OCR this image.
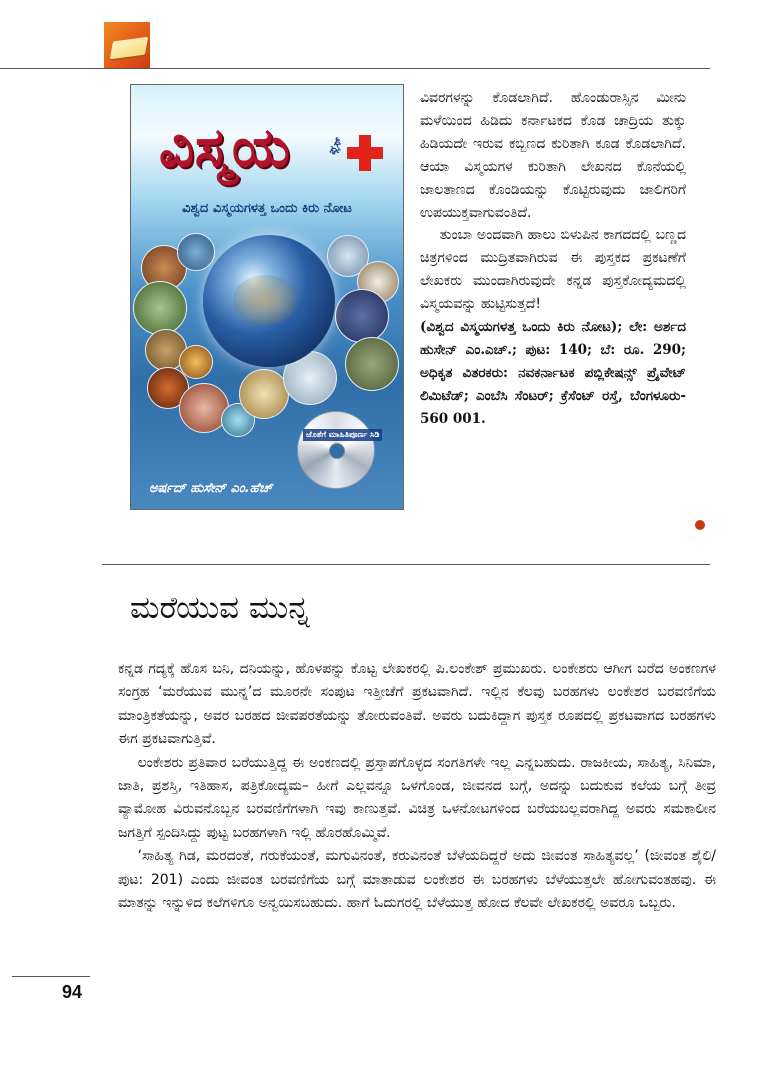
ವಿಸ್ಮಯ	ಪ್ಲಸ್
ವಿಶ್ವದ ವಿಸ್ಮಯಗಳತ್ತ ಒಂದು ಕಿರು ನೋಟ
ಜೊತೆಗೆ ಮಾಹಿತಿಪೂರ್ಣ ಸಿಡಿ
ಅರ್ಷದ್ ಹುಸೇನ್ ಎಂ.ಹೆಚ್

ವಿವರಗಳನ್ನು ಕೊಡಲಾಗಿದೆ. ಹೊಂಡುರಾಸ್ಸಿನ ಮೀನು ಮಳೆಯಿಂದ ಹಿಡಿದು ಕರ್ನಾಟಕದ ಕೊಡ ಚಾದ್ರಿಯ ತುಕ್ಕು ಹಿಡಿಯದೇ ಇರುವ ಕಬ್ಬಿಣದ ಕುರಿತಾಗಿ ಕೂಡ ಕೊಡಲಾಗಿದೆ. ಆಯಾ ವಿಸ್ಮಯಗಳ ಕುರಿತಾಗಿ ಲೇಖನದ ಕೊನೆಯಲ್ಲಿ ಜಾಲತಾಣದ ಕೊಂಡಿಯನ್ನು ಕೊಟ್ಟಿರುವುದು ಜಾಲಿಗರಿಗೆ ಉಪಯುಕ್ತವಾಗುವಂತಿದೆ.

ತುಂಬಾ ಅಂದವಾಗಿ ಹಾಲು ಬಿಳುಪಿನ ಕಾಗದದಲ್ಲಿ ಬಣ್ಣದ ಚಿತ್ರಗಳಿಂದ ಮುದ್ರಿತವಾಗಿರುವ ಈ ಪುಸ್ತಕದ ಪ್ರಕಟಣೆಗೆ ಲೇಖಕರು ಮುಂದಾಗಿರುವುದೇ ಕನ್ನಡ ಪುಸ್ತಕೋದ್ಯಮದಲ್ಲಿ ವಿಸ್ಮಯವನ್ನು ಹುಟ್ಟಿಸುತ್ತದೆ!

(ವಿಶ್ವದ ವಿಸ್ಮಯಗಳತ್ತ ಒಂದು ಕಿರು ನೋಟ); ಲೇ: ಅರ್ಶದ ಹುಸೇನ್ ಎಂ.ಎಚ್.; ಪುಟ: 140; ಬೆ: ರೂ. 290; ಅಧಿಕೃತ ವಿತರಕರು: ನವಕರ್ನಾಟಕ ಪಬ್ಲಿಕೇಷನ್ಸ್ ಪ್ರೈವೇಟ್ ಲಿಮಿಟೆಡ್; ಎಂಬೆಸಿ ಸೆಂಟರ್; ಕ್ರೆಸೆಂಟ್ ರಸ್ತೆ, ಬೆಂಗಳೂರು- 560 001.

ಮರೆಯುವ ಮುನ್ನ

ಕನ್ನಡ ಗದ್ಯಕ್ಕೆ ಹೊಸ ಬನಿ, ದನಿಯನ್ನು, ಹೊಳಪನ್ನು ಕೊಟ್ಟ ಲೇಖಕರಲ್ಲಿ ಪಿ.ಲಂಕೇಶ್ ಪ್ರಮುಖರು. ಲಂಕೇಶರು ಆಗೀಗ ಬರೆದ ಅಂಕಣಗಳ ಸಂಗ್ರಹ ‘ಮರೆಯುವ ಮುನ್ನ’ದ ಮೂರನೇ ಸಂಪುಟ ಇತ್ತೀಚೆಗೆ ಪ್ರಕಟವಾಗಿದೆ. ಇಲ್ಲಿನ ಕೆಲವು ಬರಹಗಳು ಲಂಕೇಶರ ಬರವಣಿಗೆಯ ಮಾಂತ್ರಿಕತೆಯನ್ನು, ಅವರ ಬರಹದ ಜೀವಪರತೆಯನ್ನು ತೋರುವಂತಿವೆ. ಅವರು ಬದುಕಿದ್ದಾಗ ಪುಸ್ತಕ ರೂಪದಲ್ಲಿ ಪ್ರಕಟವಾಗದ ಬರಹಗಳು ಈಗ ಪ್ರಕಟವಾಗುತ್ತಿವೆ.

ಲಂಕೇಶರು ಪ್ರತಿವಾರ ಬರೆಯುತ್ತಿದ್ದ ಈ ಅಂಕಣದಲ್ಲಿ ಪ್ರಸ್ತಾಪಗೊಳ್ಳದ ಸಂಗತಿಗಳೇ ಇಲ್ಲ ಎನ್ನಬಹುದು. ರಾಜಕೀಯ, ಸಾಹಿತ್ಯ, ಸಿನಿಮಾ, ಜಾತಿ, ಪ್ರಶಸ್ತಿ, ಇತಿಹಾಸ, ಪತ್ರಿಕೋದ್ಯಮ– ಹೀಗೆ ಎಲ್ಲವನ್ನೂ ಒಳಗೊಂಡ, ಜೀವನದ ಬಗ್ಗೆ, ಅದನ್ನು ಬದುಕುವ ಕಲೆಯ ಬಗ್ಗೆ ತೀವ್ರ ವ್ಯಾಮೋಹ ವಿರುವನೊಬ್ಬನ ಬರವಣಿಗೆಗಳಾಗಿ ಇವು ಕಾಣುತ್ತವೆ. ವಿಚಿತ್ರ ಒಳನೋಟಗಳಿಂದ ಬರೆಯಬಲ್ಲವರಾಗಿದ್ದ ಅವರು ಸಮಕಾಲೀನ ಜಗತ್ತಿಗೆ ಸ್ಪಂದಿಸಿದ್ದು ಪುಟ್ಟ ಬರಹಗಳಾಗಿ ಇಲ್ಲಿ ಹೊರಹೊಮ್ಮಿವೆ.

‘ಸಾಹಿತ್ಯ ಗಿಡ, ಮರದಂತೆ, ಗರುಕೆಯಂತೆ, ಮಗುವಿನಂತೆ, ಕರುವಿನಂತೆ ಬೆಳೆಯದಿದ್ದರೆ ಅದು ಜೀವಂತ ಸಾಹಿತ್ಯವಲ್ಲ’ (ಜೀವಂತ ಶೈಲಿ/ ಪುಟ: 201) ಎಂದು ಜೀವಂತ ಬರವಣಿಗೆಯ ಬಗ್ಗೆ ಮಾತಾಡುವ ಲಂಕೇಶರ ಈ ಬರಹಗಳು ಬೆಳೆಯುತ್ತಲೇ ಹೋಗುವಂತಹವು. ಈ ಮಾತನ್ನು ಇನ್ನುಳಿದ ಕಲೆಗಳಿಗೂ ಅನ್ವಯಿಸಬಹುದು. ಹಾಗೆ ಓದುಗರಲ್ಲಿ ಬೆಳೆಯುತ್ತ ಹೋದ ಕೆಲವೇ ಲೇಖಕರಲ್ಲಿ ಅವರೂ ಒಬ್ಬರು.

94
